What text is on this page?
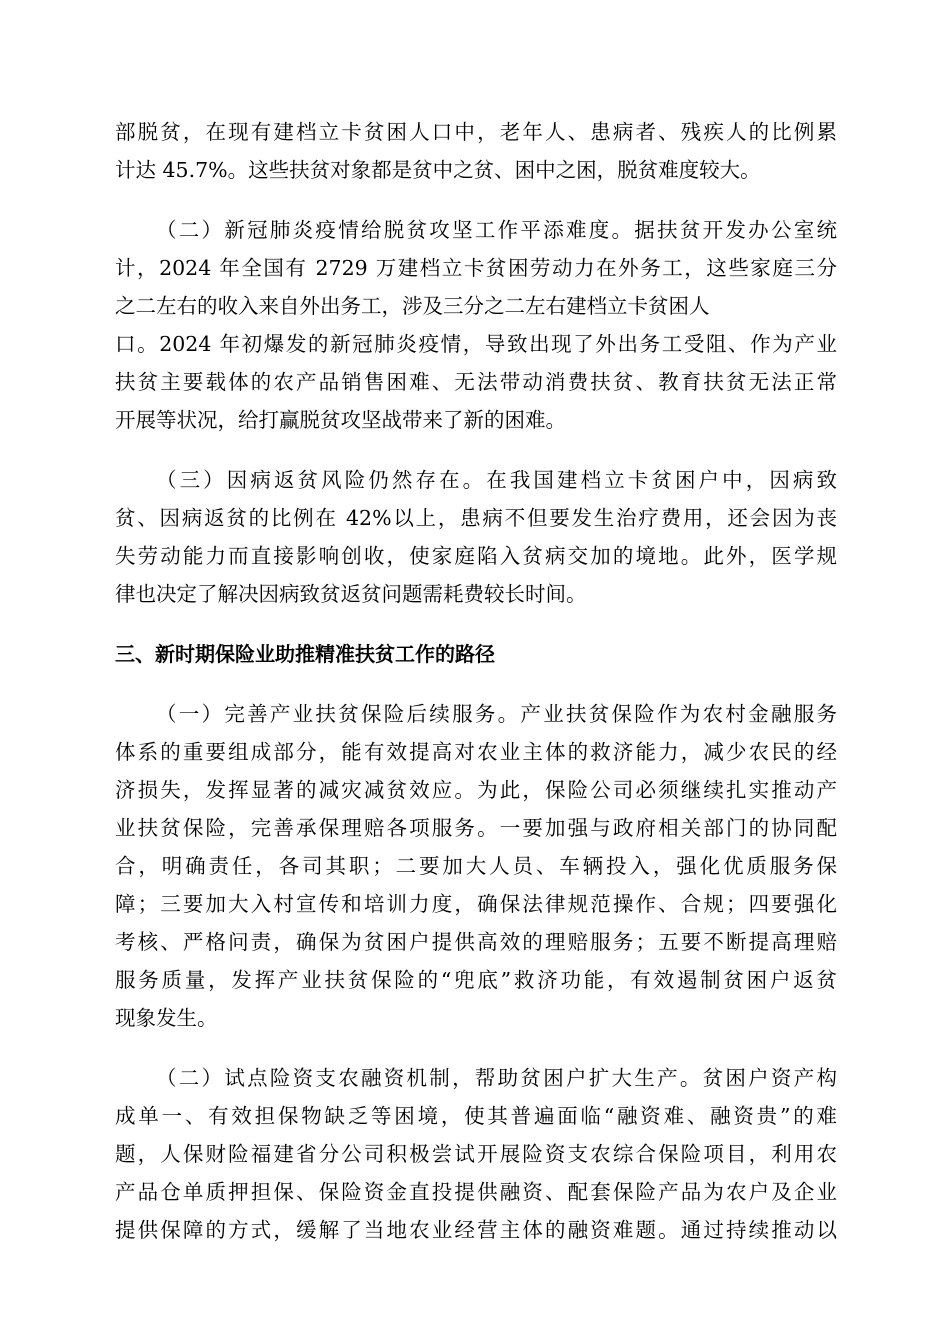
部脱贫，在现有建档立卡贫困人口中，老年人、患病者、残疾人的比例累
计达 45.7%。这些扶贫对象都是贫中之贫、困中之困，脱贫难度较大。
（二）新冠肺炎疫情给脱贫攻坚工作平添难度。据扶贫开发办公室统
计，2024 年全国有 2729 万建档立卡贫困劳动力在外务工，这些家庭三分
之二左右的收入来自外出务工，涉及三分之二左右建档立卡贫困人
口。2024 年初爆发的新冠肺炎疫情，导致出现了外出务工受阻、作为产业
扶贫主要载体的农产品销售困难、无法带动消费扶贫、教育扶贫无法正常
开展等状况，给打赢脱贫攻坚战带来了新的困难。
（三）因病返贫风险仍然存在。在我国建档立卡贫困户中，因病致
贫、因病返贫的比例在 42%以上，患病不但要发生治疗费用，还会因为丧
失劳动能力而直接影响创收，使家庭陷入贫病交加的境地。此外，医学规
律也决定了解决因病致贫返贫问题需耗费较长时间。
三、新时期保险业助推精准扶贫工作的路径
（一）完善产业扶贫保险后续服务。产业扶贫保险作为农村金融服务
体系的重要组成部分，能有效提高对农业主体的救济能力，减少农民的经
济损失，发挥显著的减灾减贫效应。为此，保险公司必须继续扎实推动产
业扶贫保险，完善承保理赔各项服务。一要加强与政府相关部门的协同配
合，明确责任，各司其职；二要加大人员、车辆投入，强化优质服务保
障；三要加大入村宣传和培训力度，确保法律规范操作、合规；四要强化
考核、严格问责，确保为贫困户提供高效的理赔服务；五要不断提高理赔
服务质量，发挥产业扶贫保险的“兜底”救济功能，有效遏制贫困户返贫
现象发生。
（二）试点险资支农融资机制，帮助贫困户扩大生产。贫困户资产构
成单一、有效担保物缺乏等困境，使其普遍面临“融资难、融资贵”的难
题，人保财险福建省分公司积极尝试开展险资支农综合保险项目，利用农
产品仓单质押担保、保险资金直投提供融资、配套保险产品为农户及企业
提供保障的方式，缓解了当地农业经营主体的融资难题。通过持续推动以
